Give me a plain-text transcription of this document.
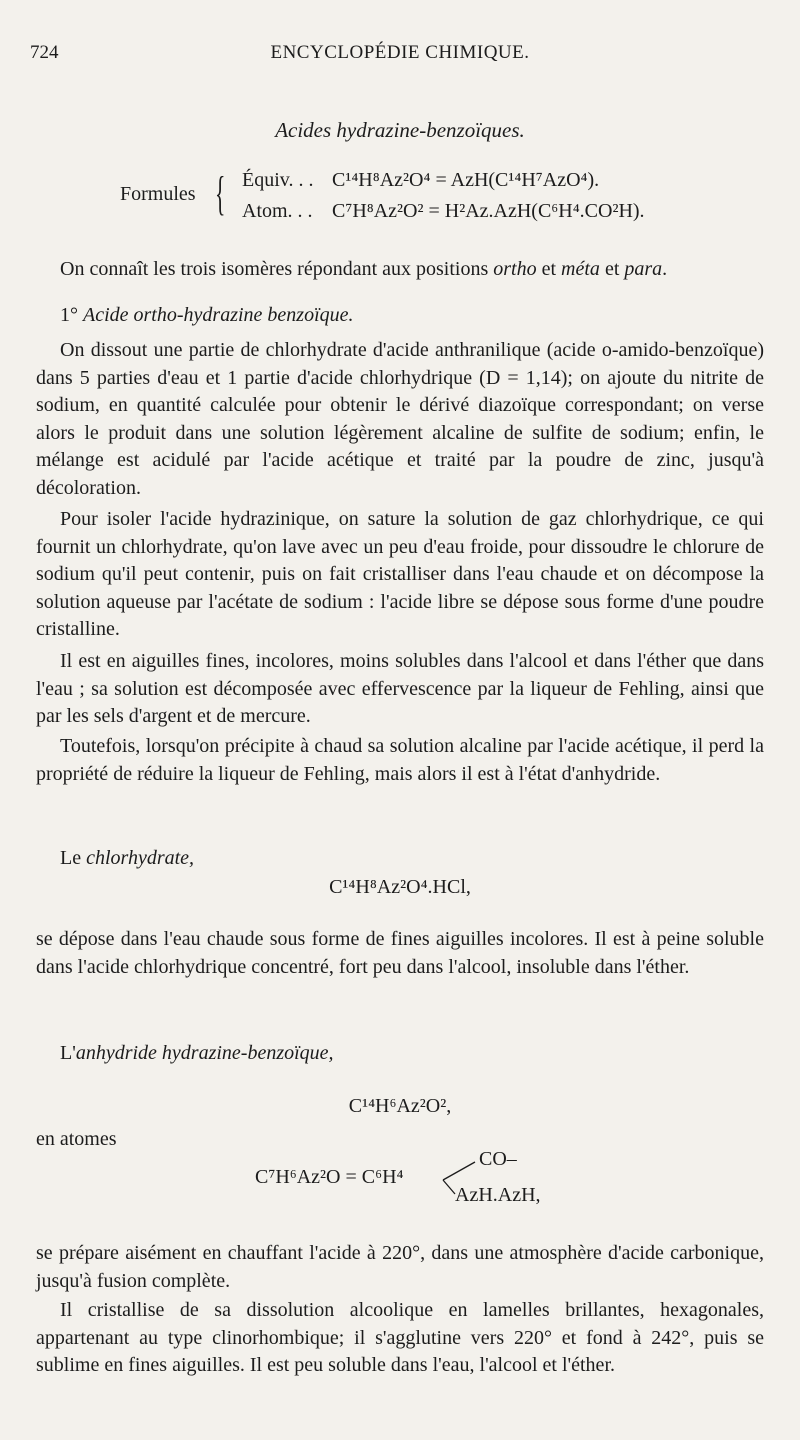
724	ENCYCLOPÉDIE CHIMIQUE.
Acides hydrazine-benzoïques.
Formules { Équiv. . . C¹⁴H⁸Az²O⁴ = AzH(C¹⁴H⁷AzO⁴).
Atom. . . C⁷H⁸Az²O² = H²Az.AzH(C⁶H⁴.CO²H).

On connaît les trois isomères répondant aux positions ortho et méta et para.

1° Acide ortho-hydrazine benzoïque.

On dissout une partie de chlorhydrate d'acide anthranilique (acide o-amido-benzoïque) dans 5 parties d'eau et 1 partie d'acide chlorhydrique (D = 1,14); on ajoute du nitrite de sodium, en quantité calculée pour obtenir le dérivé diazoïque correspondant; on verse alors le produit dans une solution légèrement alcaline de sulfite de sodium; enfin, le mélange est acidulé par l'acide acétique et traité par la poudre de zinc, jusqu'à décoloration.

Pour isoler l'acide hydrazinique, on sature la solution de gaz chlorhydrique, ce qui fournit un chlorhydrate, qu'on lave avec un peu d'eau froide, pour dissoudre le chlorure de sodium qu'il peut contenir, puis on fait cristalliser dans l'eau chaude et on décompose la solution aqueuse par l'acétate de sodium : l'acide libre se dépose sous forme d'une poudre cristalline.

Il est en aiguilles fines, incolores, moins solubles dans l'alcool et dans l'éther que dans l'eau ; sa solution est décomposée avec effervescence par la liqueur de Fehling, ainsi que par les sels d'argent et de mercure.

Toutefois, lorsqu'on précipite à chaud sa solution alcaline par l'acide acétique, il perd la propriété de réduire la liqueur de Fehling, mais alors il est à l'état d'anhydride.

Le chlorhydrate,

C¹⁴H⁸Az²O⁴.HCl,

se dépose dans l'eau chaude sous forme de fines aiguilles incolores. Il est à peine soluble dans l'acide chlorhydrique concentré, fort peu dans l'alcool, insoluble dans l'éther.

L'anhydride hydrazine-benzoïque,

C¹⁴H⁶Az²O²,

en atomes

C⁷H⁶Az²O = C⁶H⁴
CO–
AzH.AzH,

se prépare aisément en chauffant l'acide à 220°, dans une atmosphère d'acide carbonique, jusqu'à fusion complète.

Il cristallise de sa dissolution alcoolique en lamelles brillantes, hexagonales, appartenant au type clinorhombique; il s'agglutine vers 220° et fond à 242°, puis se sublime en fines aiguilles. Il est peu soluble dans l'eau, l'alcool et l'éther.
